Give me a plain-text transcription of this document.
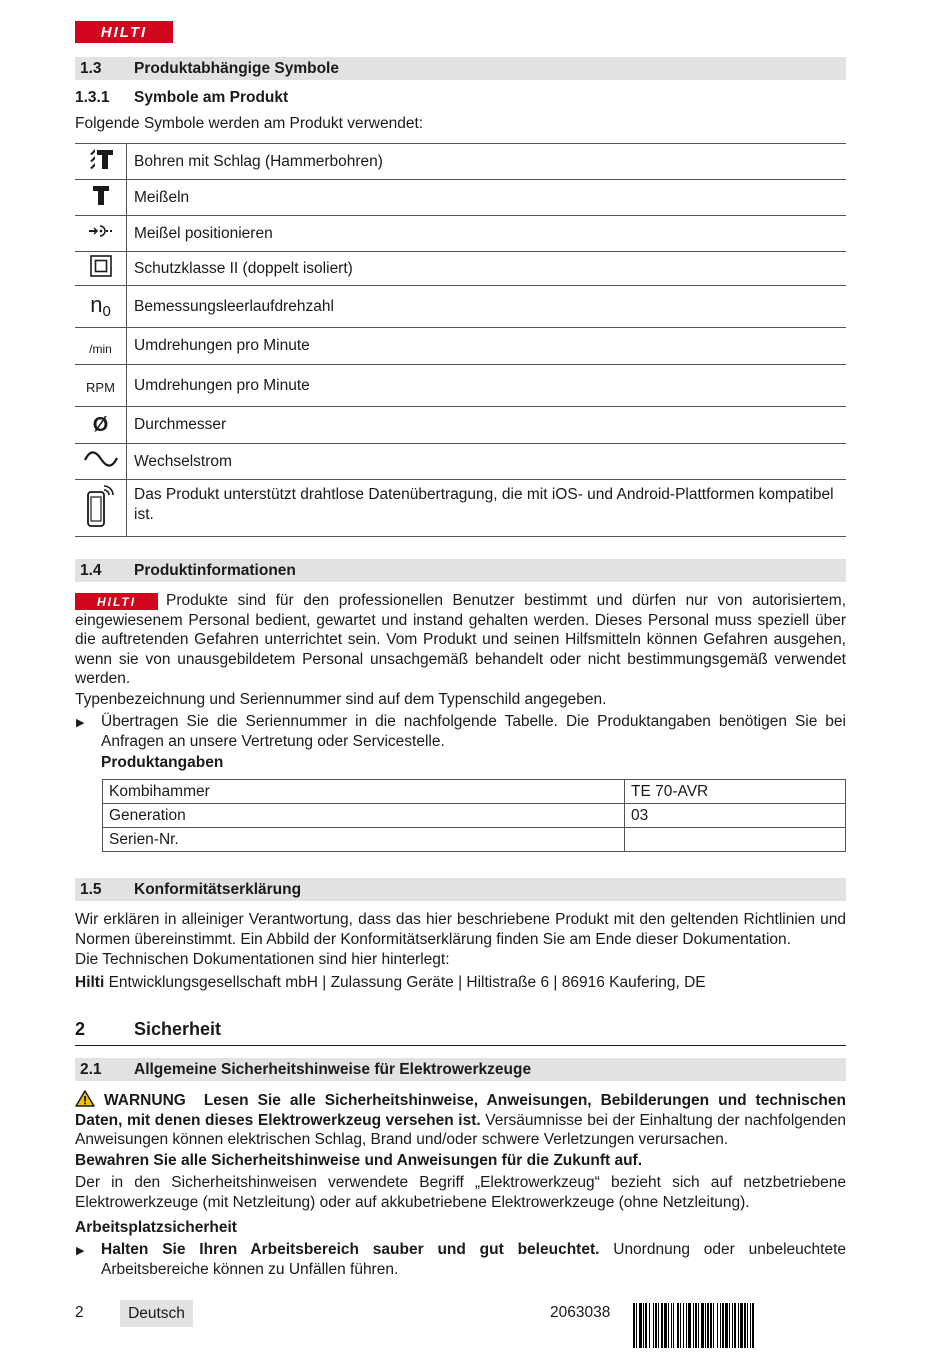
HILTI
1.3 Produktabhängige Symbole
1.3.1 Symbole am Produkt

Folgende Symbole werden am Produkt verwendet:

	Bohren mit Schlag (Hammerbohren)
	Meißeln
	Meißel positionieren
	Schutzklasse II (doppelt isoliert)
$n_0$	Bemessungsleerlaufdrehzahl
/min	Umdrehungen pro Minute
RPM	Umdrehungen pro Minute
Ø	Durchmesser
	Wechselstrom
	Das Produkt unterstützt drahtlose Datenübertragung, die mit iOS- und Android-Plattformen kompatibel ist.
1.4 Produktinformationen
HILTI	Produkte sind für den professionellen Benutzer bestimmt und dürfen nur von autorisiertem, eingewiesenem Personal bedient, gewartet und instand gehalten werden. Dieses Personal muss speziell über die auftretenden Gefahren unterrichtet sein. Vom Produkt und seinen Hilfsmitteln können Gefahren ausgehen, wenn sie von unausgebildetem Personal unsachgemäß behandelt oder nicht bestimmungsgemäß verwendet werden.

Typenbezeichnung und Seriennummer sind auf dem Typenschild angegeben.

▶ Übertragen Sie die Seriennummer in die nachfolgende Tabelle. Die Produktangaben benötigen Sie bei Anfragen an unsere Vertretung oder Servicestelle.

Produktangaben
Kombihammer	TE 70-AVR
Generation	03
Serien-Nr.	
1.5 Konformitätserklärung

Wir erklären in alleiniger Verantwortung, dass das hier beschriebene Produkt mit den geltenden Richtlinien und Normen übereinstimmt. Ein Abbild der Konformitätserklärung finden Sie am Ende dieser Dokumentation.

Die Technischen Dokumentationen sind hier hinterlegt:

Hilti Entwicklungsgesellschaft mbH | Zulassung Geräte | Hiltistraße 6 | 86916 Kaufering, DE

2	Sicherheit
2.1 Allgemeine Sicherheitshinweise für Elektrowerkzeuge

WARNUNG Lesen Sie alle Sicherheitshinweise, Anweisungen, Bebilderungen und technischen Daten, mit denen dieses Elektrowerkzeug versehen ist. Versäumnisse bei der Einhaltung der nachfolgenden Anweisungen können elektrischen Schlag, Brand und/oder schwere Verletzungen verursachen.

Bewahren Sie alle Sicherheitshinweise und Anweisungen für die Zukunft auf.

Der in den Sicherheitshinweisen verwendete Begriff „Elektrowerkzeug“ bezieht sich auf netzbetriebene Elektrowerkzeuge (mit Netzleitung) oder auf akkubetriebene Elektrowerkzeuge (ohne Netzleitung).

Arbeitsplatzsicherheit
▶ Halten Sie Ihren Arbeitsbereich sauber und gut beleuchtet. Unordnung oder unbeleuchtete Arbeitsbereiche können zu Unfällen führen.

2	Deutsch	2063038
